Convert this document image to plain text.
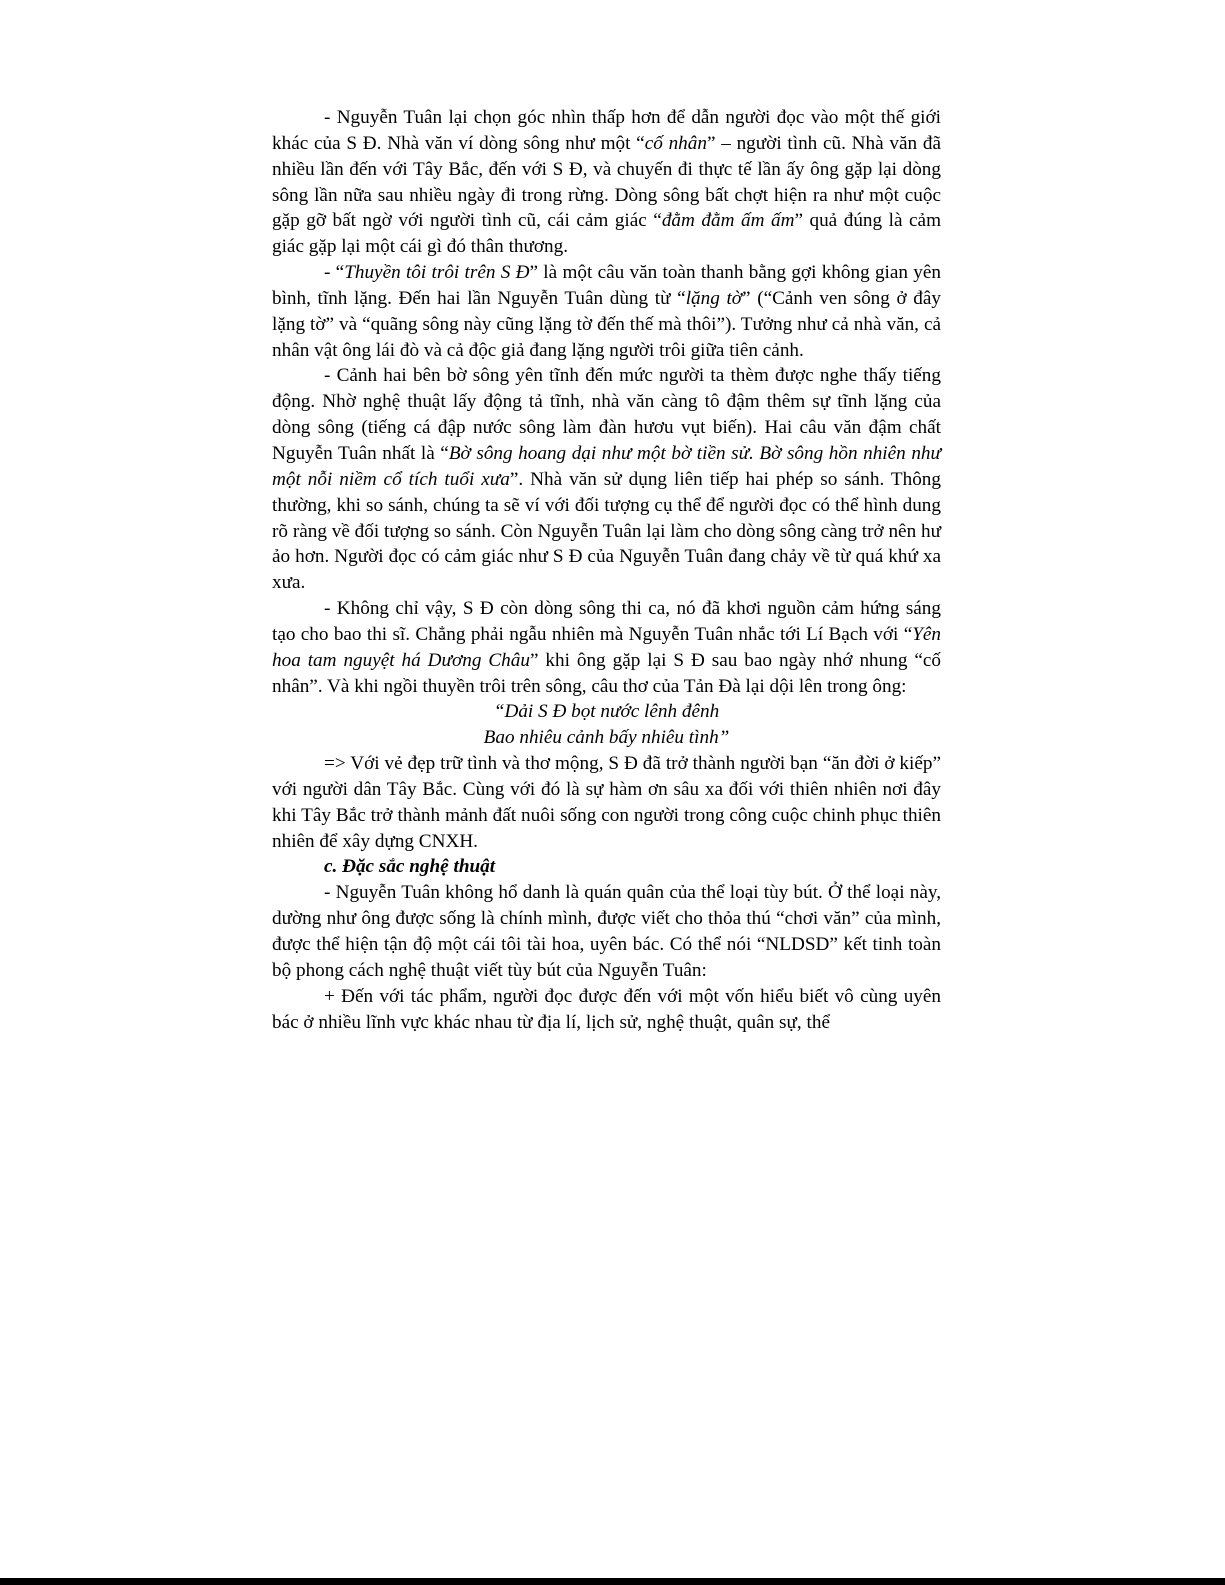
- Nguyễn Tuân lại chọn góc nhìn thấp hơn để dẫn người đọc vào một thế giới khác của S Đ. Nhà văn ví dòng sông như một “cố nhân” – người tình cũ. Nhà văn đã nhiều lần đến với Tây Bắc, đến với S Đ, và chuyến đi thực tế lần ấy ông gặp lại dòng sông lần nữa sau nhiều ngày đi trong rừng. Dòng sông bất chợt hiện ra như một cuộc gặp gỡ bất ngờ với người tình cũ, cái cảm giác “đằm đằm ấm ấm” quả đúng là cảm giác gặp lại một cái gì đó thân thương.

- “Thuyền tôi trôi trên S Đ” là một câu văn toàn thanh bằng gợi không gian yên bình, tĩnh lặng. Đến hai lần Nguyễn Tuân dùng từ “lặng tờ” (“Cảnh ven sông ở đây lặng tờ” và “quãng sông này cũng lặng tờ đến thế mà thôi”). Tưởng như cả nhà văn, cả nhân vật ông lái đò và cả độc giả đang lặng người trôi giữa tiên cảnh.

- Cảnh hai bên bờ sông yên tĩnh đến mức người ta thèm được nghe thấy tiếng động. Nhờ nghệ thuật lấy động tả tĩnh, nhà văn càng tô đậm thêm sự tĩnh lặng của dòng sông (tiếng cá đập nước sông làm đàn hươu vụt biến). Hai câu văn đậm chất Nguyễn Tuân nhất là “Bờ sông hoang dại như một bờ tiền sử. Bờ sông hồn nhiên như một nỗi niềm cổ tích tuổi xưa”. Nhà văn sử dụng liên tiếp hai phép so sánh. Thông thường, khi so sánh, chúng ta sẽ ví với đối tượng cụ thể để người đọc có thể hình dung rõ ràng về đối tượng so sánh. Còn Nguyễn Tuân lại làm cho dòng sông càng trở nên hư ảo hơn. Người đọc có cảm giác như S Đ của Nguyễn Tuân đang chảy về từ quá khứ xa xưa.

- Không chỉ vậy, S Đ còn dòng sông thi ca, nó đã khơi nguồn cảm hứng sáng tạo cho bao thi sĩ. Chẳng phải ngẫu nhiên mà Nguyễn Tuân nhắc tới Lí Bạch với “Yên hoa tam nguyệt há Dương Châu” khi ông gặp lại S Đ sau bao ngày nhớ nhung “cố nhân”. Và khi ngồi thuyền trôi trên sông, câu thơ của Tản Đà lại dội lên trong ông:

“Dải S Đ bọt nước lênh đênh

Bao nhiêu cảnh bấy nhiêu tình”

=> Với vẻ đẹp trữ tình và thơ mộng, S Đ đã trở thành người bạn “ăn đời ở kiếp” với người dân Tây Bắc. Cùng với đó là sự hàm ơn sâu xa đối với thiên nhiên nơi đây khi Tây Bắc trở thành mảnh đất nuôi sống con người trong công cuộc chinh phục thiên nhiên để xây dựng CNXH.

c. Đặc sắc nghệ thuật

- Nguyễn Tuân không hổ danh là quán quân của thể loại tùy bút. Ở thể loại này, dường như ông được sống là chính mình, được viết cho thỏa thú “chơi văn” của mình, được thể hiện tận độ một cái tôi tài hoa, uyên bác. Có thể nói “NLDSD” kết tinh toàn bộ phong cách nghệ thuật viết tùy bút của Nguyễn Tuân:

+ Đến với tác phẩm, người đọc được đến với một vốn hiểu biết vô cùng uyên bác ở nhiều lĩnh vực khác nhau từ địa lí, lịch sử, nghệ thuật, quân sự, thể
